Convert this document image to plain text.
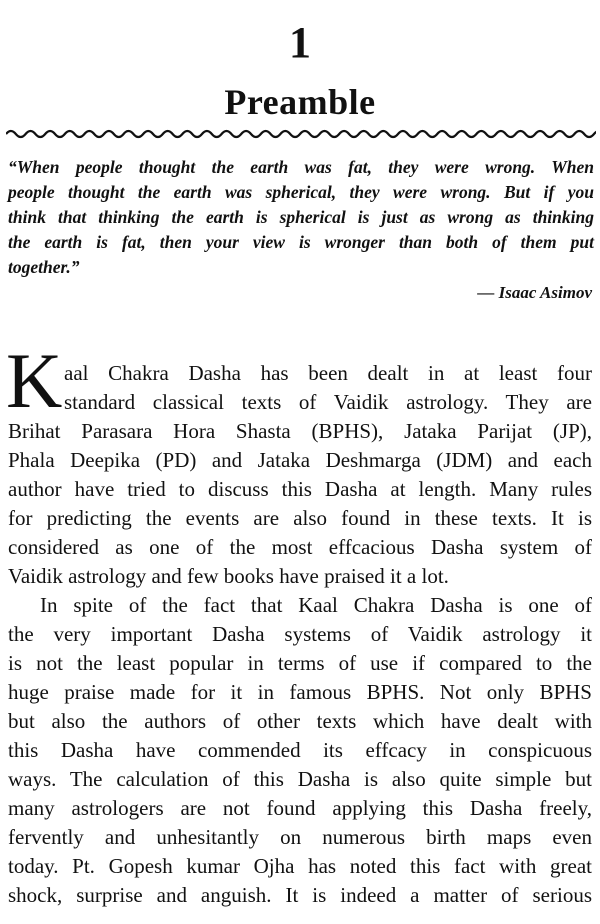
1
Preamble
“When people thought the earth was fat, they were wrong. When
people thought the earth was spherical, they were wrong. But if you
think that thinking the earth is spherical is just as wrong as thinking
the earth is fat, then your view is wronger than both of them put
together.”
— Isaac Asimov
K aal Chakra Dasha has been dealt in at least four
standard classical texts of Vaidik astrology. They are
Brihat Parasara Hora Shasta (BPHS), Jataka Parijat (JP),
Phala Deepika (PD) and Jataka Deshmarga (JDM) and each
author have tried to discuss this Dasha at length. Many rules
for predicting the events are also found in these texts. It is
considered as one of the most effcacious Dasha system of
Vaidik astrology and few books have praised it a lot.
In spite of the fact that Kaal Chakra Dasha is one of
the very important Dasha systems of Vaidik astrology it
is not the least popular in terms of use if compared to the
huge praise made for it in famous BPHS. Not only BPHS
but also the authors of other texts which have dealt with
this Dasha have commended its effcacy in conspicuous
ways. The calculation of this Dasha is also quite simple but
many astrologers are not found applying this Dasha freely,
fervently and unhesitantly on numerous birth maps even
today. Pt. Gopesh kumar Ojha has noted this fact with great
shock, surprise and anguish. It is indeed a matter of serious
